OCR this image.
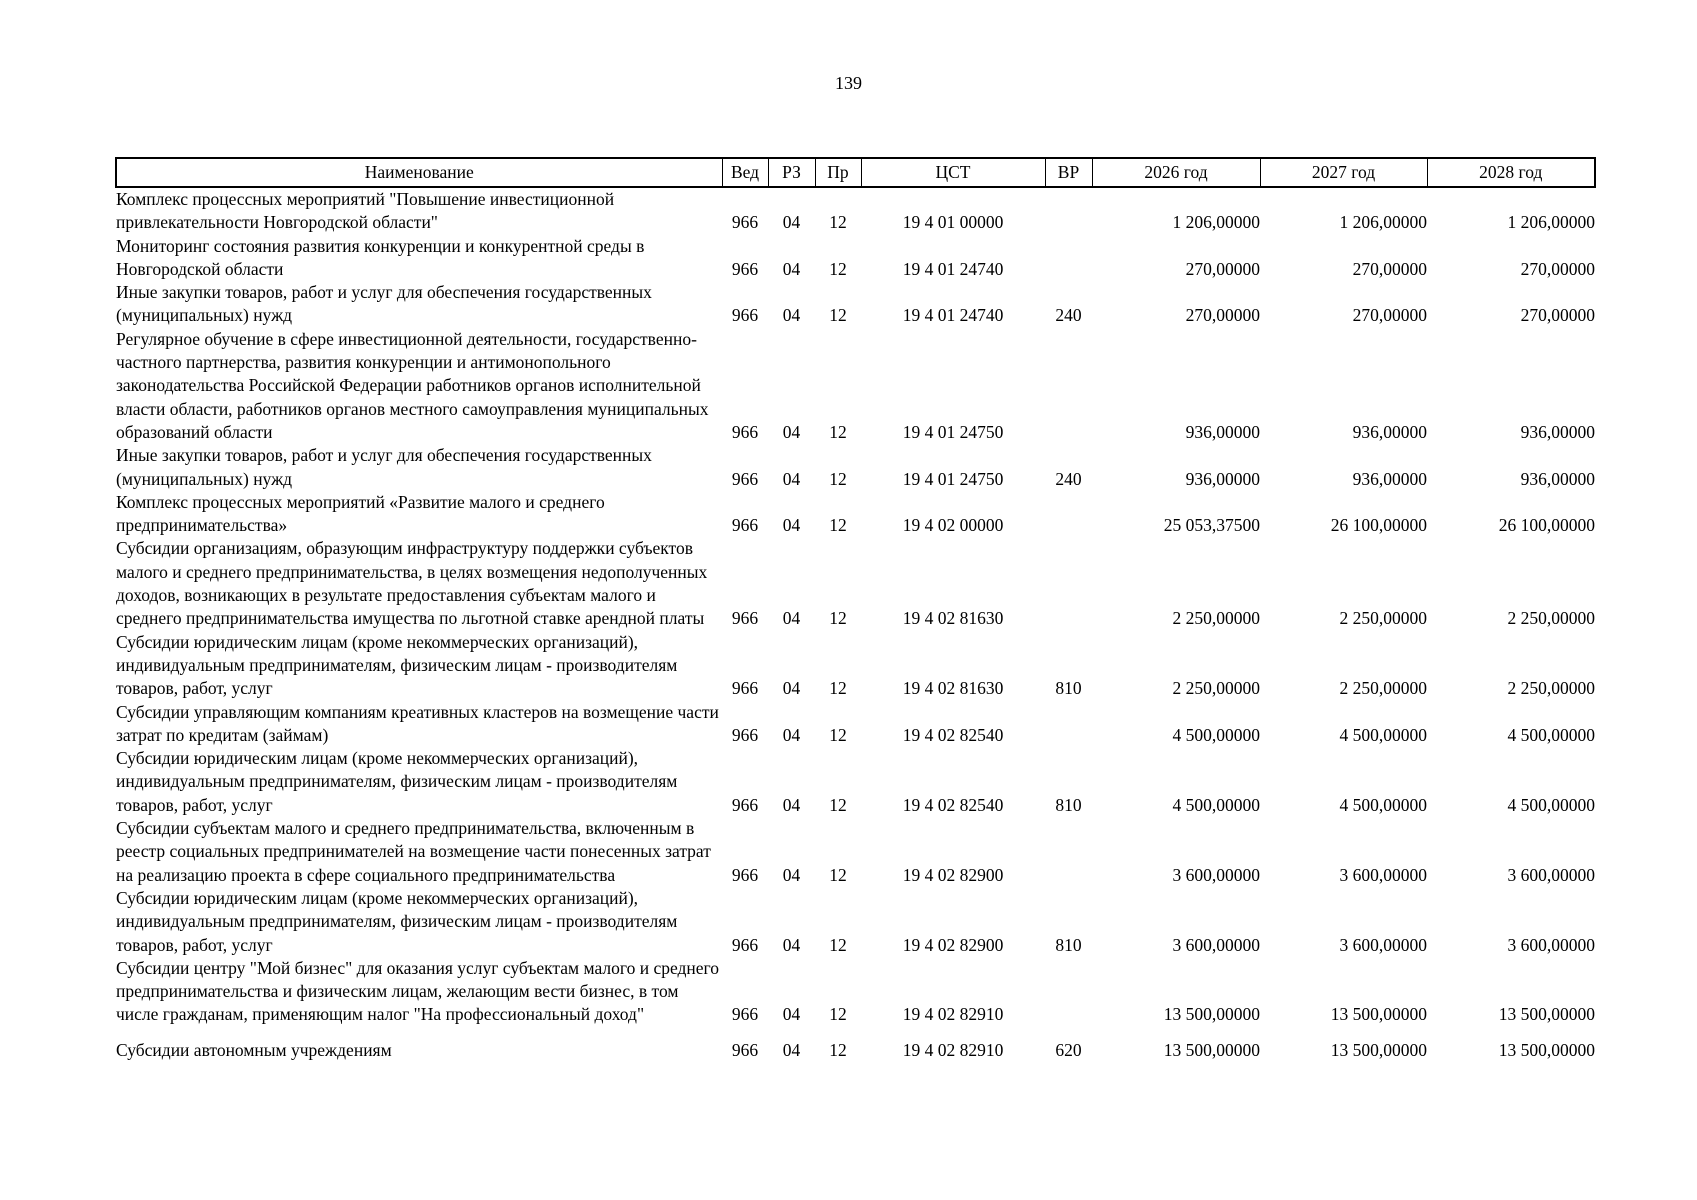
139
Наименование	Вед	РЗ	Пр	ЦСТ	ВР	2026 год	2027 год	2028 год
Комплекс процессных мероприятий "Повышение инвестиционной привлекательности Новгородской области"	966	04	12	19 4 01 00000		1 206,00000	1 206,00000	1 206,00000
Мониторинг состояния развития конкуренции и конкурентной среды в Новгородской области	966	04	12	19 4 01 24740		270,00000	270,00000	270,00000
Иные закупки товаров, работ и услуг для обеспечения государственных (муниципальных) нужд	966	04	12	19 4 01 24740	240	270,00000	270,00000	270,00000
Регулярное обучение в сфере инвестиционной деятельности, государственно-частного партнерства, развития конкуренции и антимонопольного законодательства Российской Федерации работников органов исполнительной власти области, работников органов местного самоуправления муниципальных образований области	966	04	12	19 4 01 24750		936,00000	936,00000	936,00000
Иные закупки товаров, работ и услуг для обеспечения государственных (муниципальных) нужд	966	04	12	19 4 01 24750	240	936,00000	936,00000	936,00000
Комплекс процессных мероприятий «Развитие малого и среднего предпринимательства»	966	04	12	19 4 02 00000		25 053,37500	26 100,00000	26 100,00000
Субсидии организациям, образующим инфраструктуру поддержки субъектов малого и среднего предпринимательства, в целях возмещения недополученных доходов, возникающих в результате предоставления субъектам малого и среднего предпринимательства имущества по льготной ставке арендной платы	966	04	12	19 4 02 81630		2 250,00000	2 250,00000	2 250,00000
Субсидии юридическим лицам (кроме некоммерческих организаций), индивидуальным предпринимателям, физическим лицам - производителям товаров, работ, услуг	966	04	12	19 4 02 81630	810	2 250,00000	2 250,00000	2 250,00000
Субсидии управляющим компаниям креативных кластеров на возмещение части затрат по кредитам (займам)	966	04	12	19 4 02 82540		4 500,00000	4 500,00000	4 500,00000
Субсидии юридическим лицам (кроме некоммерческих организаций), индивидуальным предпринимателям, физическим лицам - производителям товаров, работ, услуг	966	04	12	19 4 02 82540	810	4 500,00000	4 500,00000	4 500,00000
Субсидии субъектам малого и среднего предпринимательства, включенным в реестр социальных предпринимателей на возмещение части понесенных затрат на реализацию проекта в сфере социального предпринимательства	966	04	12	19 4 02 82900		3 600,00000	3 600,00000	3 600,00000
Субсидии юридическим лицам (кроме некоммерческих организаций), индивидуальным предпринимателям, физическим лицам - производителям товаров, работ, услуг	966	04	12	19 4 02 82900	810	3 600,00000	3 600,00000	3 600,00000
Субсидии центру "Мой бизнес" для оказания услуг субъектам малого и среднего предпринимательства и физическим лицам, желающим вести бизнес, в том числе гражданам, применяющим налог "На профессиональный доход"	966	04	12	19 4 02 82910		13 500,00000	13 500,00000	13 500,00000
Субсидии автономным учреждениям	966	04	12	19 4 02 82910	620	13 500,00000	13 500,00000	13 500,00000
